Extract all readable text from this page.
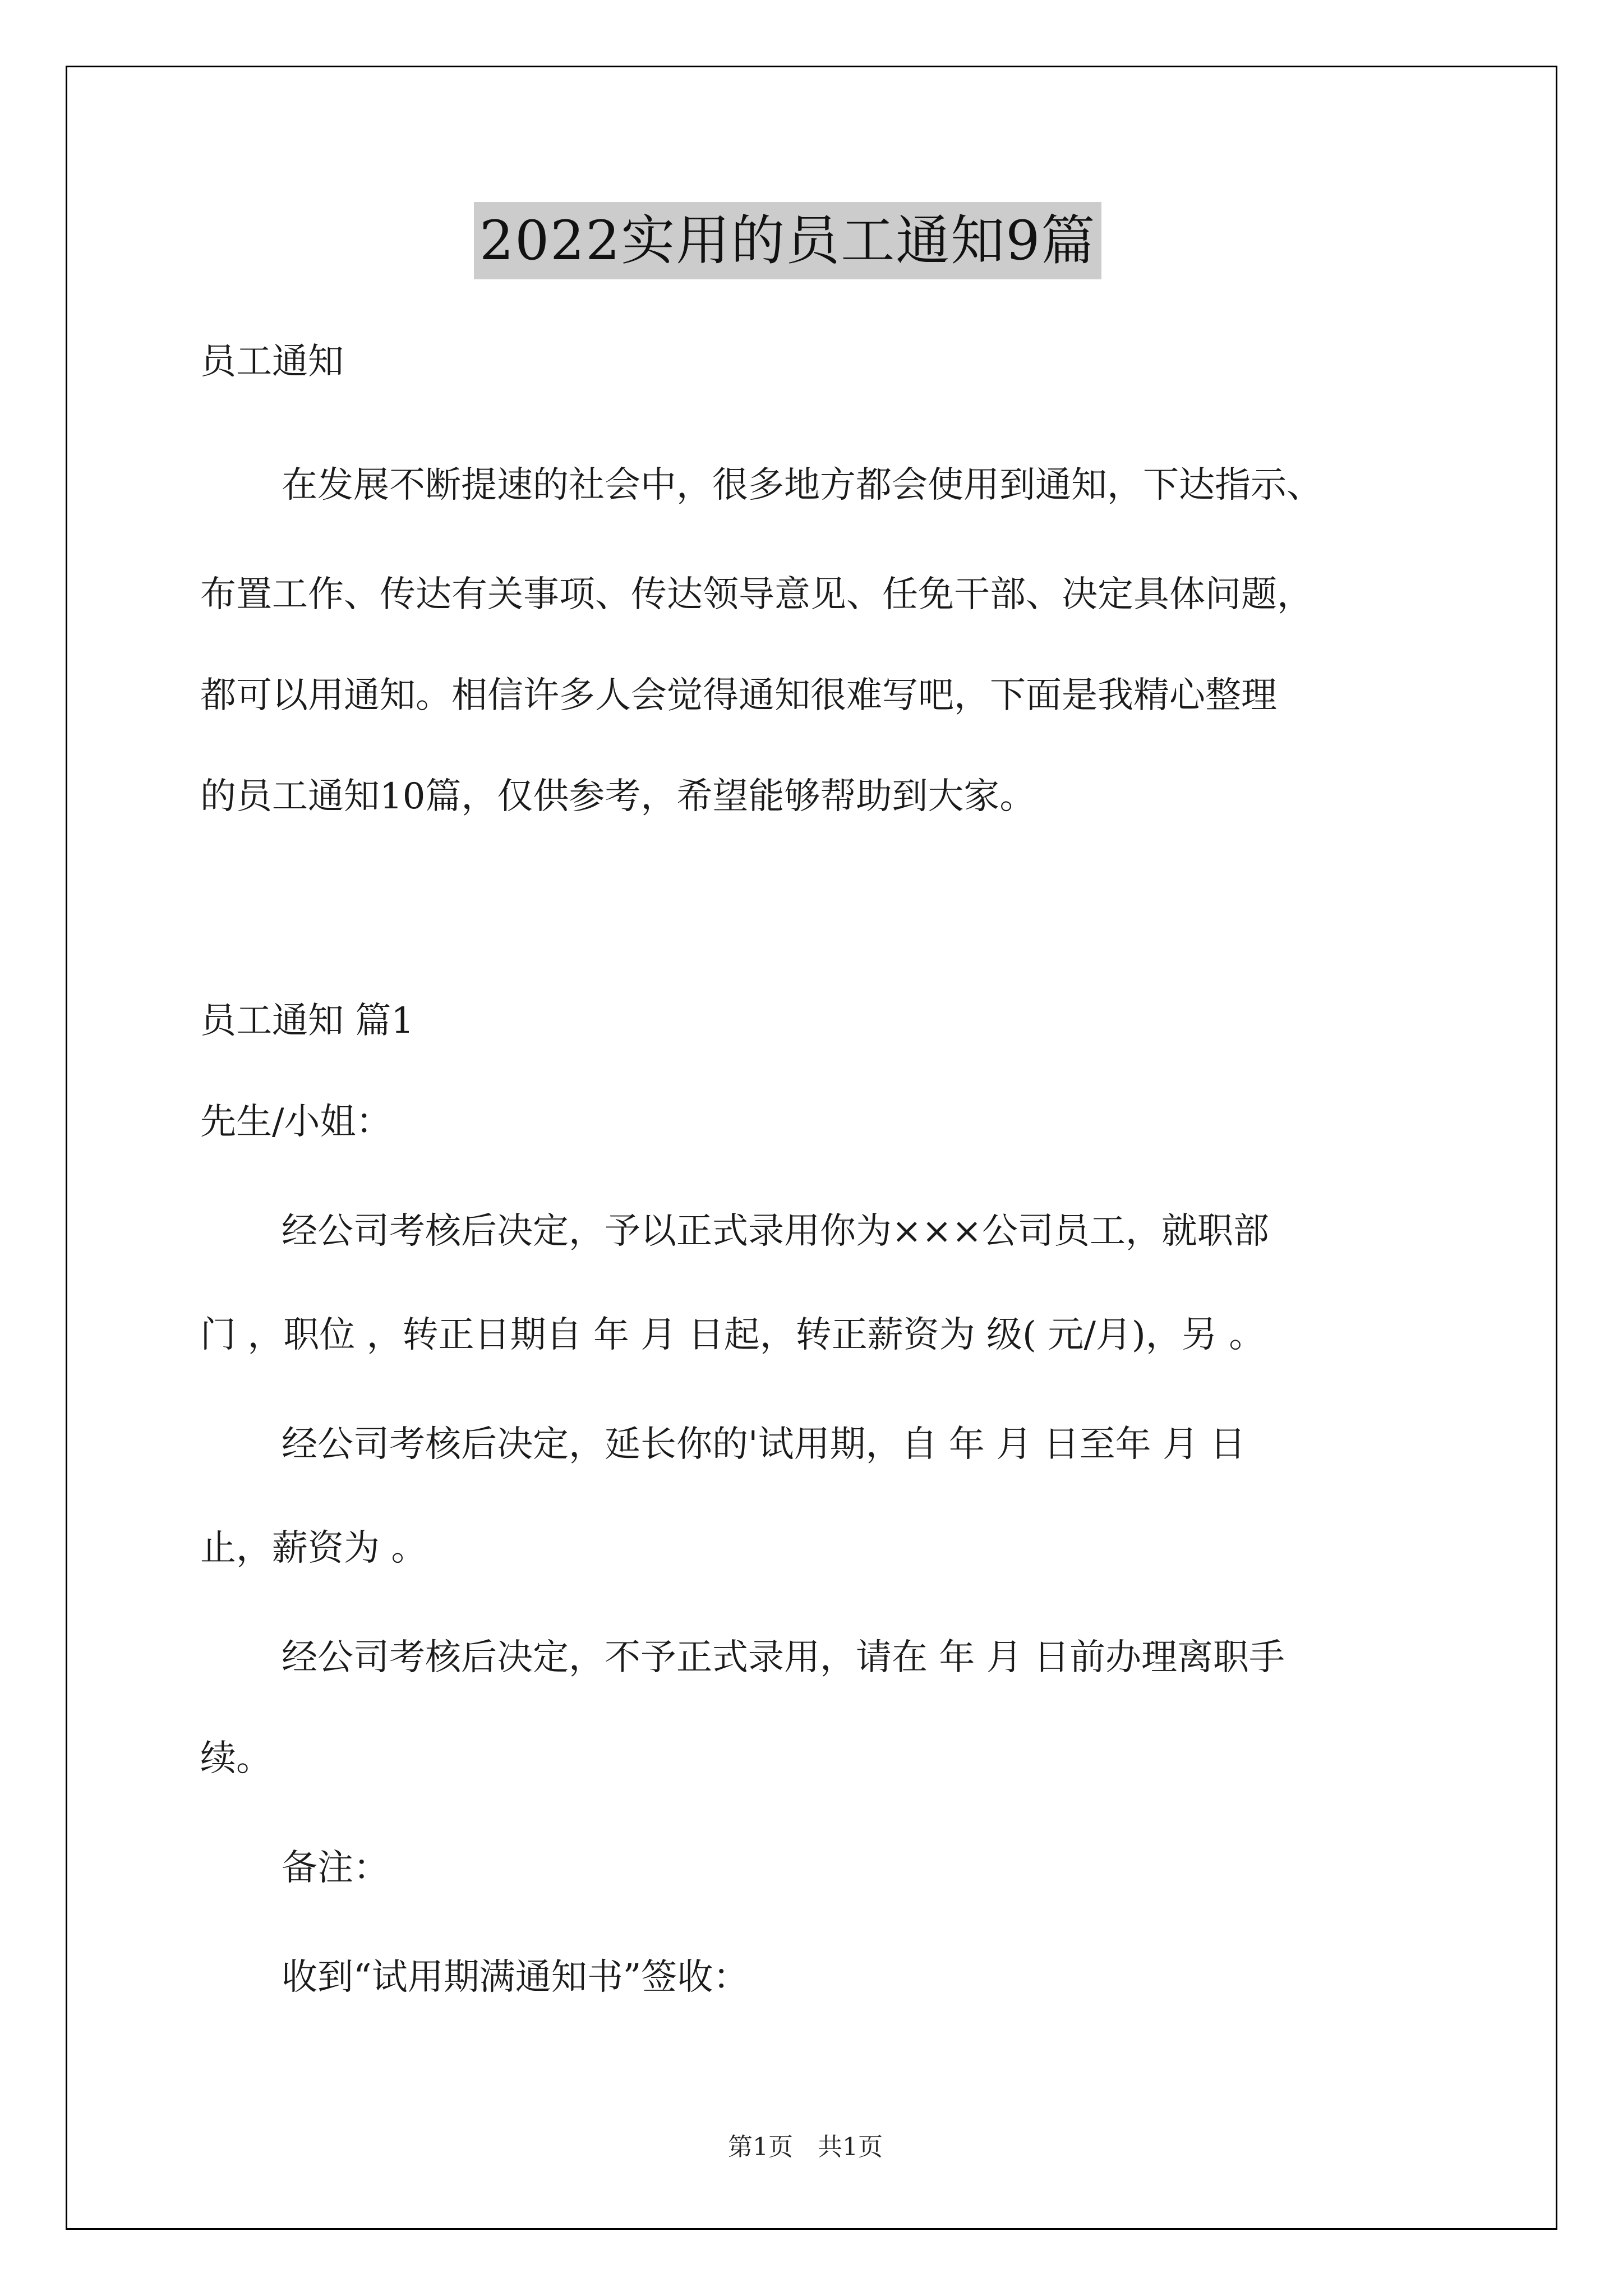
2022实用的员工通知9篇
员工通知
在发展不断提速的社会中，很多地方都会使用到通知，下达指示、
布置工作、传达有关事项、传达领导意见、任免干部、决定具体问题，
都可以用通知。相信许多人会觉得通知很难写吧，下面是我精心整理
的员工通知10篇，仅供参考，希望能够帮助到大家。
员工通知 篇1
先生/小姐：
经公司考核后决定，予以正式录用你为×××公司员工，就职部
门 ，职位 ，转正日期自 年 月 日起，转正薪资为 级( 元/月)，另 。
经公司考核后决定，延长你的'试用期，自 年 月 日至年 月 日
止，薪资为 。
经公司考核后决定，不予正式录用，请在 年 月 日前办理离职手
续。
备注：
收到“试用期满通知书”签收：
第1页　共1页
